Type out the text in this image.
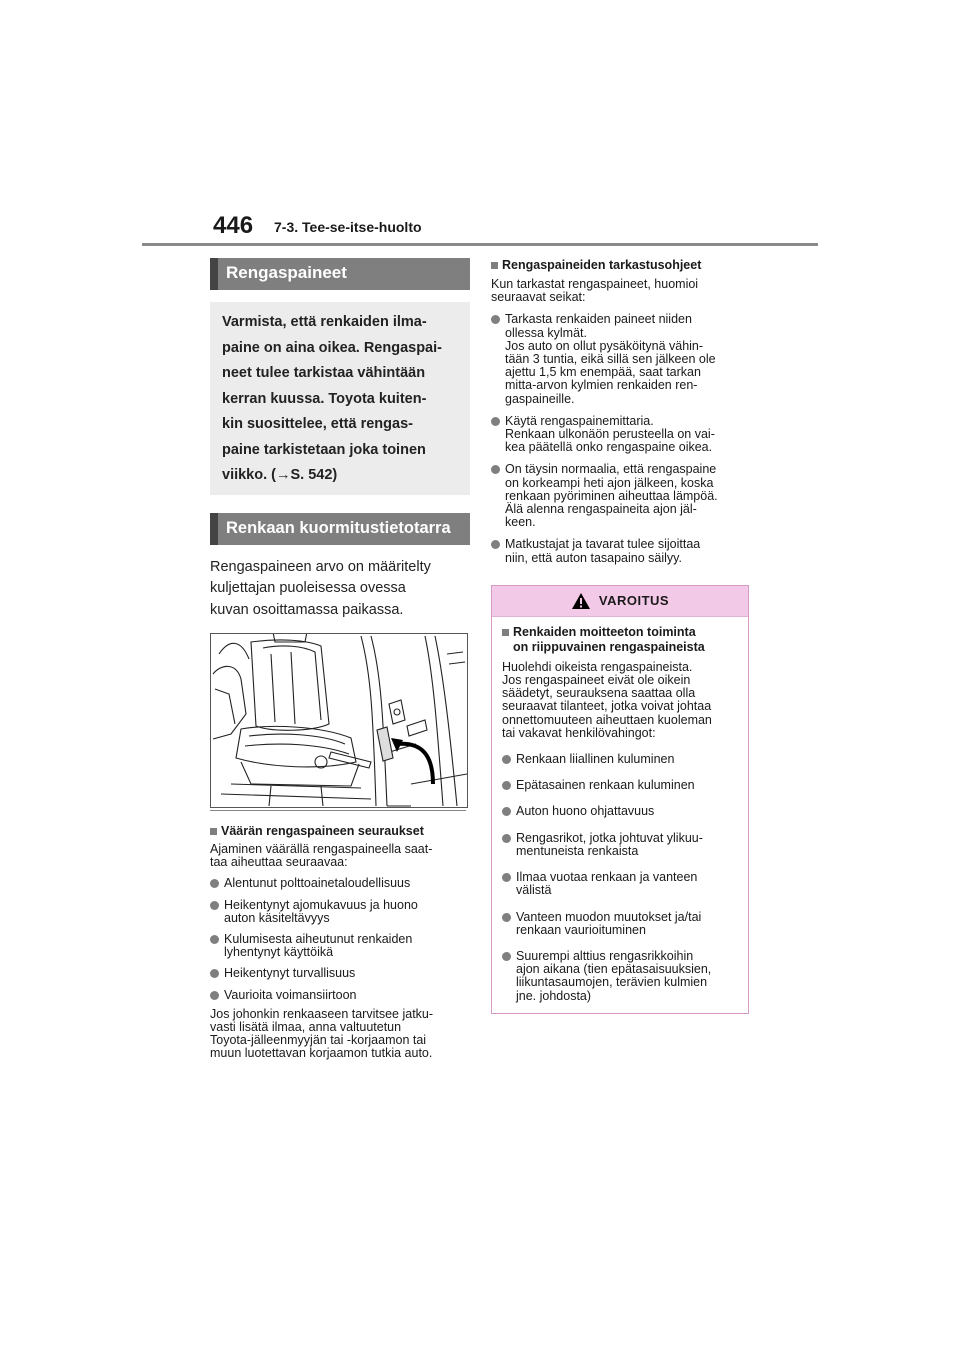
446 7-3. Tee-se-itse-huolto
Rengaspaineet
Varmista, että renkaiden ilma-
paine on aina oikea. Rengaspai-
neet tulee tarkistaa vähintään
kerran kuussa. Toyota kuiten-
kin suosittelee, että rengas-
paine tarkistetaan joka toinen
viikko. (→S. 542)
Renkaan kuormitustietotarra
Rengaspaineen arvo on määritelty
kuljettajan puoleisessa ovessa
kuvan osoittamassa paikassa.
Väärän rengaspaineen seuraukset
Ajaminen väärällä rengaspaineella saat-
taa aiheuttaa seuraavaa:
Alentunut polttoainetaloudellisuus
Heikentynyt ajomukavuus ja huono
auton käsiteltävyys
Kulumisesta aiheutunut renkaiden
lyhentynyt käyttöikä
Heikentynyt turvallisuus
Vaurioita voimansiirtoon
Jos johonkin renkaaseen tarvitsee jatku-
vasti lisätä ilmaa, anna valtuutetun
Toyota-jälleenmyyjän tai -korjaamon tai
muun luotettavan korjaamon tutkia auto.
Rengaspaineiden tarkastusohjeet
Kun tarkastat rengaspaineet, huomioi
seuraavat seikat:
Tarkasta renkaiden paineet niiden
ollessa kylmät.
Jos auto on ollut pysäköitynä vähin-
tään 3 tuntia, eikä sillä sen jälkeen ole
ajettu 1,5 km enempää, saat tarkan
mitta-arvon kylmien renkaiden ren-
gaspaineille.
Käytä rengaspainemittaria.
Renkaan ulkonäön perusteella on vai-
kea päätellä onko rengaspaine oikea.
On täysin normaalia, että rengaspaine
on korkeampi heti ajon jälkeen, koska
renkaan pyöriminen aiheuttaa lämpöä.
Älä alenna rengaspaineita ajon jäl-
keen.
Matkustajat ja tavarat tulee sijoittaa
niin, että auton tasapaino säilyy.
VAROITUS
Renkaiden moitteeton toiminta
on riippuvainen rengaspaineista
Huolehdi oikeista rengaspaineista.
Jos rengaspaineet eivät ole oikein
säädetyt, seurauksena saattaa olla
seuraavat tilanteet, jotka voivat johtaa
onnettomuuteen aiheuttaen kuoleman
tai vakavat henkilövahingot:
Renkaan liiallinen kuluminen
Epätasainen renkaan kuluminen
Auton huono ohjattavuus
Rengasrikot, jotka johtuvat ylikuu-
mentuneista renkaista
Ilmaa vuotaa renkaan ja vanteen
välistä
Vanteen muodon muutokset ja/tai
renkaan vaurioituminen
Suurempi alttius rengasrikkoihin
ajon aikana (tien epätasaisuuksien,
liikuntasaumojen, terävien kulmien
jne. johdosta)
